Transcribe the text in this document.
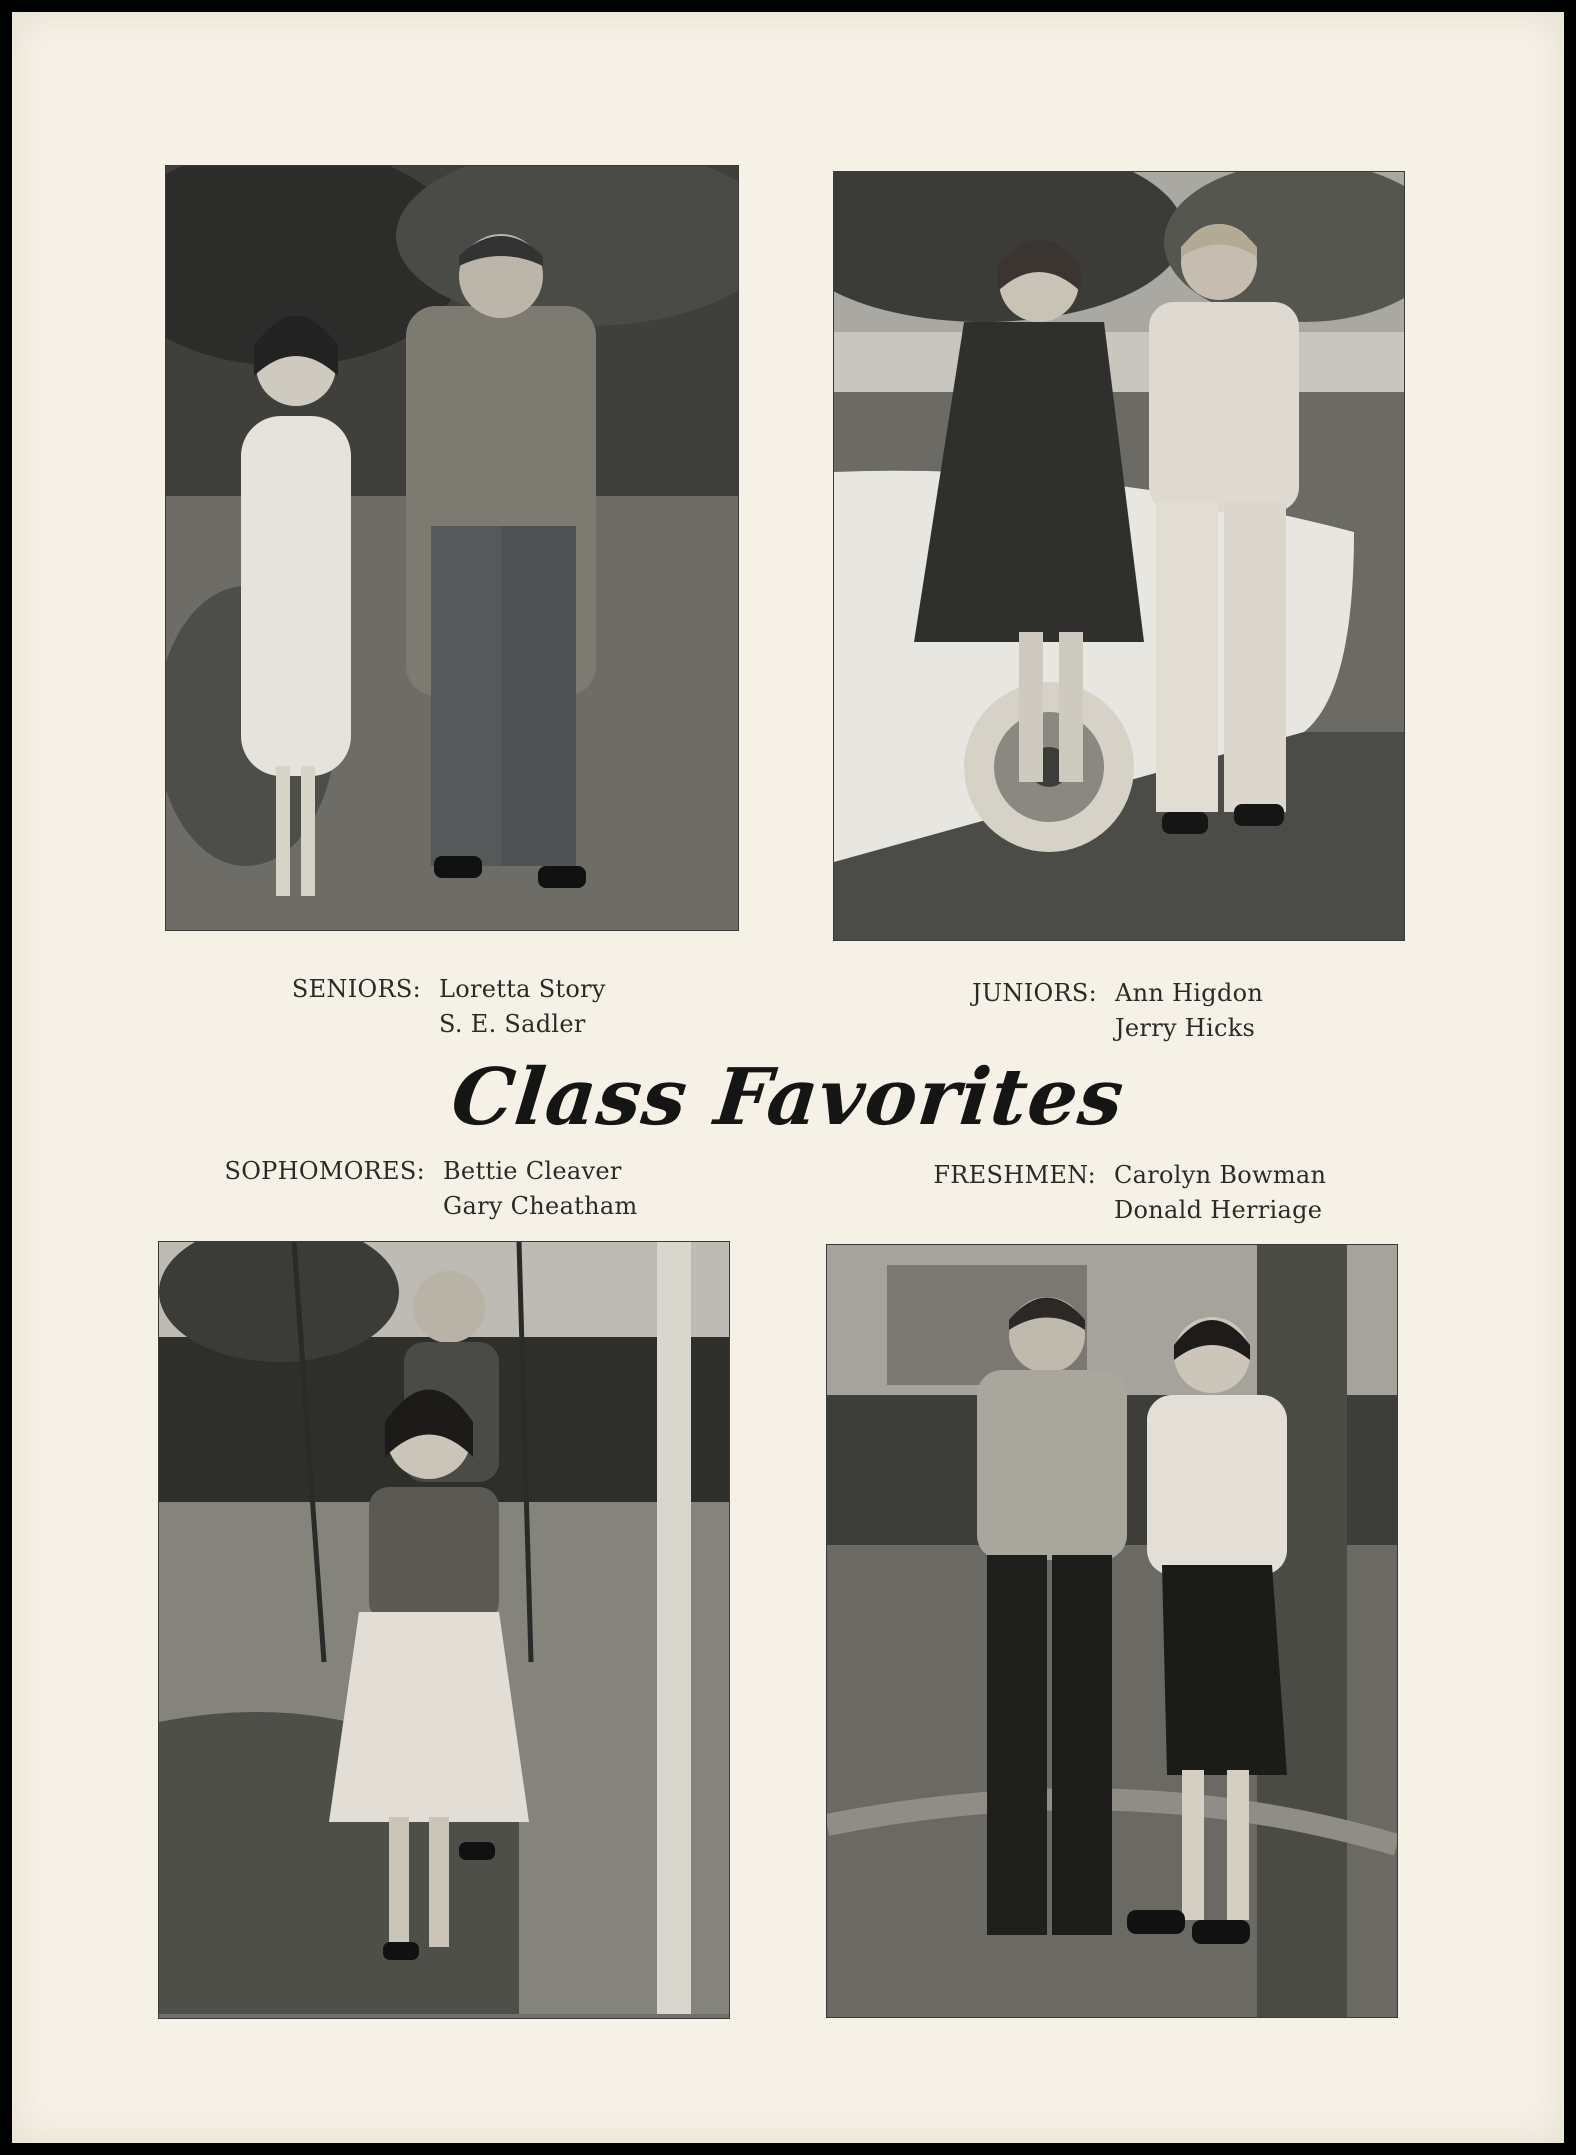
SENIORS: Loretta Story
S. E. Sadler
JUNIORS: Ann Higdon
Jerry Hicks
Class Favorites
SOPHOMORES: Bettie Cleaver
Gary Cheatham
FRESHMEN: Carolyn Bowman
Donald Herriage
